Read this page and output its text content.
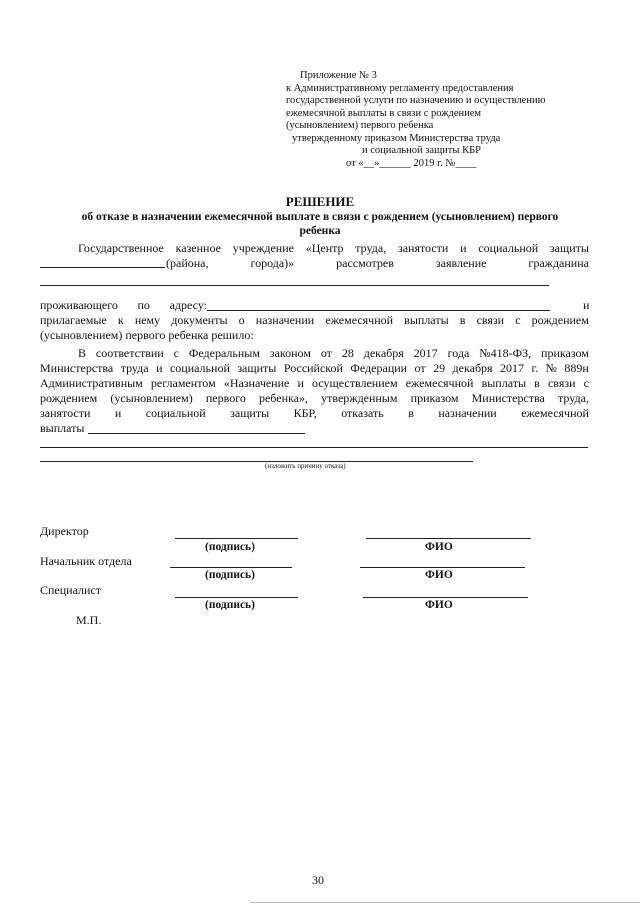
Приложение № 3
к Административному регламенту предоставления
государственной услуги по назначению и осуществлению
ежемесячной выплаты в связи с рождением
(усыновлением) первого ребенка
утвержденному приказом Министерства труда
и социальной защиты КБР
от «__»______ 2019 г. №____
РЕШЕНИЕ
об отказе в назначении ежемесячной выплате в связи с рождением (усыновлением) первого
ребенка
Государственное казенное учреждение «Центр труда, занятости и социальной защиты
(района,	города)»	рассмотрев	заявление	гражданина
проживающего по адресу:	и
прилагаемые к нему документы о назначении ежемесячной выплаты в связи с рождением
(усыновлением) первого ребенка решило:
В соответствии с Федеральным законом от 28 декабря 2017 года №418-ФЗ, приказом
Министерства труда и социальной защиты Российской Федерации от 29 декабря 2017 г. № 889н
Административным регламентом «Назначение и осуществлением ежемесячной выплаты в связи с
рождением (усыновлением) первого ребенка», утвержденным приказом Министерства труда,
занятости и социальной защиты КБР, отказать в назначении ежемесячной
выплаты
(изложить причину отказа)
Директор
(подпись)	ФИО
Начальник отдела
(подпись)	ФИО
Специалист
(подпись)	ФИО
М.П.
30
